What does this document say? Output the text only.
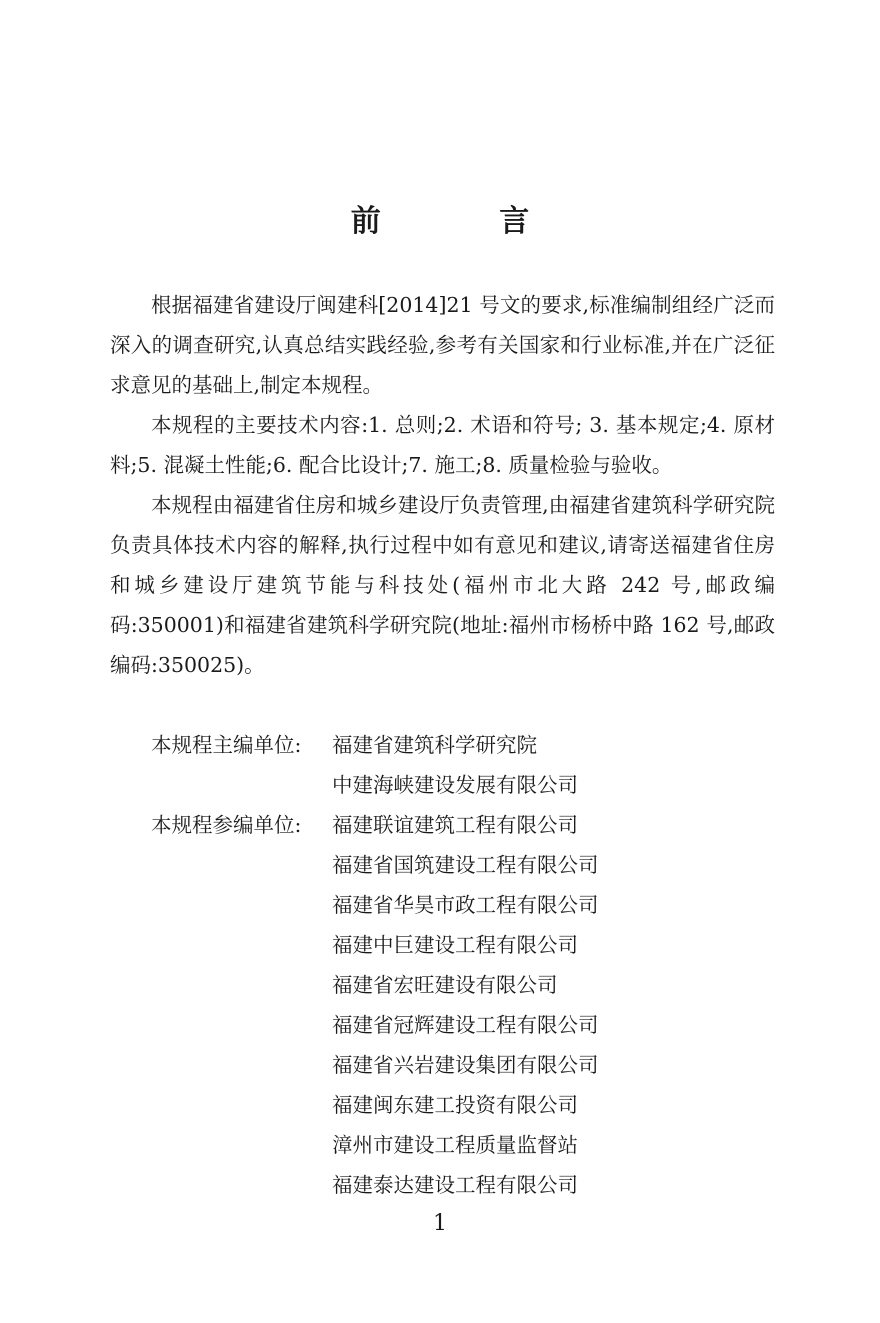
前 言

根据福建省建设厅闽建科[2014]21 号文的要求,标准编制组经广泛而深入的调查研究,认真总结实践经验,参考有关国家和行业标准,并在广泛征求意见的基础上,制定本规程。

本规程的主要技术内容:1. 总则;2. 术语和符号; 3. 基本规定;4. 原材料;5. 混凝土性能;6. 配合比设计;7. 施工;8. 质量检验与验收。

本规程由福建省住房和城乡建设厅负责管理,由福建省建筑科学研究院负责具体技术内容的解释,执行过程中如有意见和建议,请寄送福建省住房和城乡建设厅建筑节能与科技处(福州市北大路 242 号,邮政编码:350001)和福建省建筑科学研究院(地址:福州市杨桥中路 162 号,邮政编码:350025)。

本规程主编单位:	福建省建筑科学研究院
中建海峡建设发展有限公司
本规程参编单位:	福建联谊建筑工程有限公司
福建省国筑建设工程有限公司
福建省华昊市政工程有限公司
福建中巨建设工程有限公司
福建省宏旺建设有限公司
福建省冠辉建设工程有限公司
福建省兴岩建设集团有限公司
福建闽东建工投资有限公司
漳州市建设工程质量监督站
福建泰达建设工程有限公司
1
